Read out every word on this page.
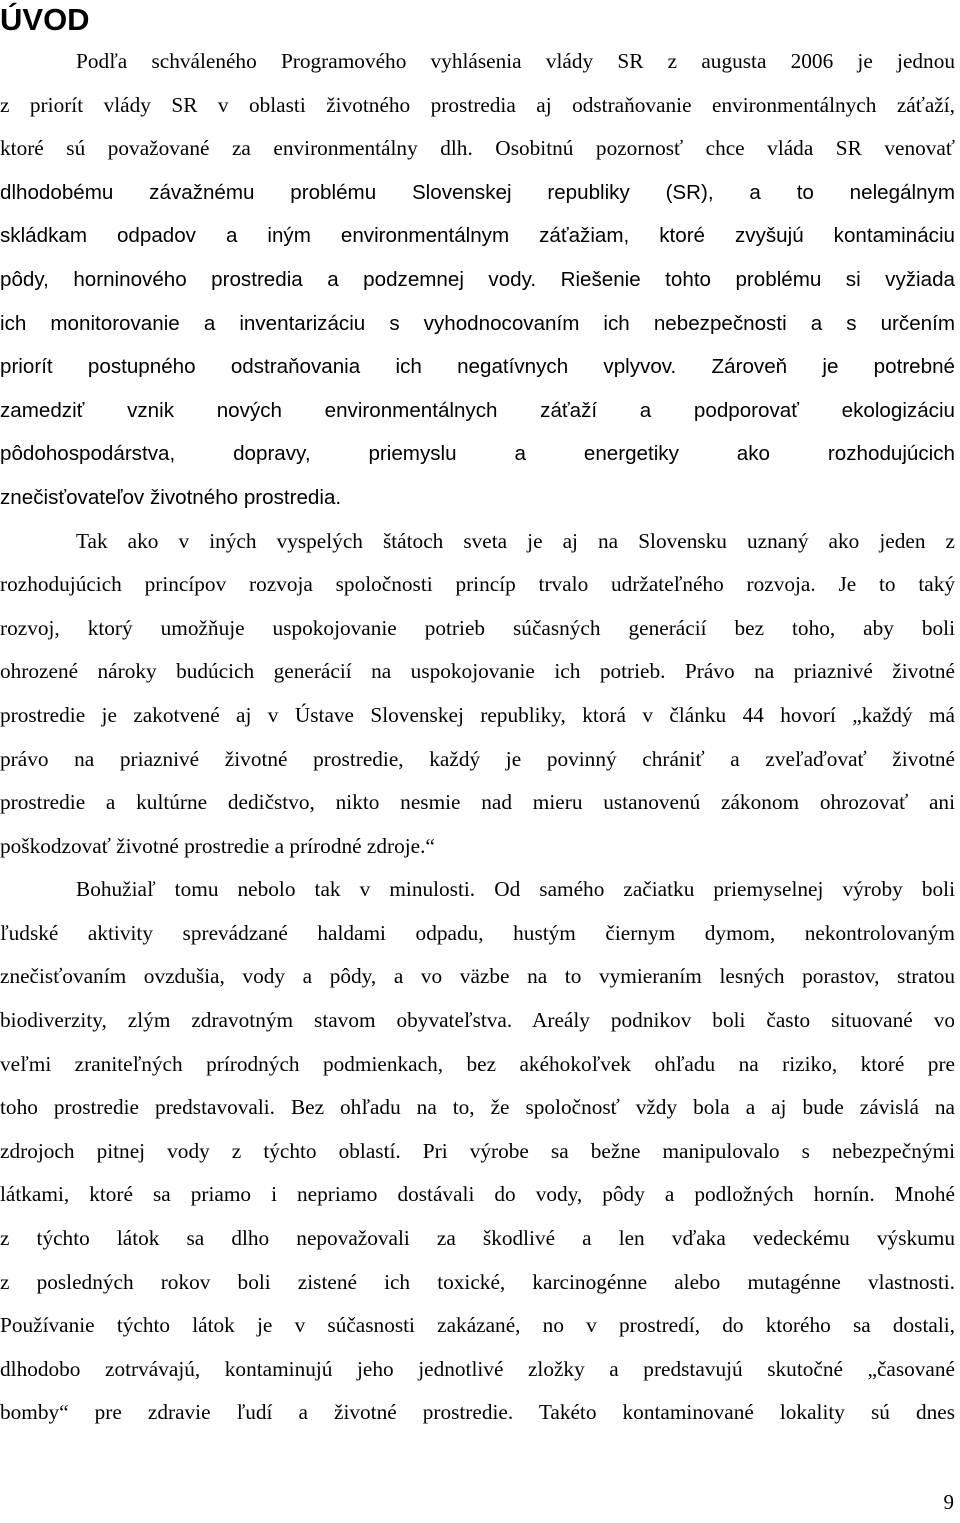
ÚVOD
Podľa schváleného Programového vyhlásenia vlády SR z augusta 2006 je jednou
z priorít vlády SR v oblasti životného prostredia aj odstraňovanie environmentálnych záťaží,
ktoré sú považované za environmentálny dlh. Osobitnú pozornosť chce vláda SR venovať
dlhodobému závažnému problému Slovenskej republiky (SR), a to nelegálnym
skládkam odpadov a iným environmentálnym záťažiam, ktoré zvyšujú kontamináciu
pôdy, horninového prostredia a podzemnej vody. Riešenie tohto problému si vyžiada
ich monitorovanie a inventarizáciu s vyhodnocovaním ich nebezpečnosti a s určením
priorít postupného odstraňovania ich negatívnych vplyvov. Zároveň je potrebné
zamedziť vznik nových environmentálnych záťaží a podporovať ekologizáciu
pôdohospodárstva, dopravy, priemyslu a energetiky ako rozhodujúcich
znečisťovateľov životného prostredia.
Tak ako v iných vyspelých štátoch sveta je aj na Slovensku uznaný ako jeden z
rozhodujúcich princípov rozvoja spoločnosti princíp trvalo udržateľného rozvoja. Je to taký
rozvoj, ktorý umožňuje uspokojovanie potrieb súčasných generácií bez toho, aby boli
ohrozené nároky budúcich generácií na uspokojovanie ich potrieb. Právo na priaznivé životné
prostredie je zakotvené aj v Ústave Slovenskej republiky, ktorá v článku 44 hovorí „každý má
právo na priaznivé životné prostredie, každý je povinný chrániť a zveľaďovať životné
prostredie a kultúrne dedičstvo, nikto nesmie nad mieru ustanovenú zákonom ohrozovať ani
poškodzovať životné prostredie a prírodné zdroje.“
Bohužiaľ tomu nebolo tak v minulosti. Od samého začiatku priemyselnej výroby boli
ľudské aktivity sprevádzané haldami odpadu, hustým čiernym dymom, nekontrolovaným
znečisťovaním ovzdušia, vody a pôdy, a vo väzbe na to vymieraním lesných porastov, stratou
biodiverzity, zlým zdravotným stavom obyvateľstva. Areály podnikov boli často situované vo
veľmi zraniteľných prírodných podmienkach, bez akéhokoľvek ohľadu na riziko, ktoré pre
toho prostredie predstavovali. Bez ohľadu na to, že spoločnosť vždy bola a aj bude závislá na
zdrojoch pitnej vody z týchto oblastí. Pri výrobe sa bežne manipulovalo s nebezpečnými
látkami, ktoré sa priamo i nepriamo dostávali do vody, pôdy a podložných hornín. Mnohé
z týchto látok sa dlho nepovažovali za škodlivé a len vďaka vedeckému výskumu
z posledných rokov boli zistené ich toxické, karcinogénne alebo mutagénne vlastnosti.
Používanie týchto látok je v súčasnosti zakázané, no v prostredí, do ktorého sa dostali,
dlhodobo zotrvávajú, kontaminujú jeho jednotlivé zložky a predstavujú skutočné „časované
bomby“ pre zdravie ľudí a životné prostredie. Takéto kontaminované lokality sú dnes
9
